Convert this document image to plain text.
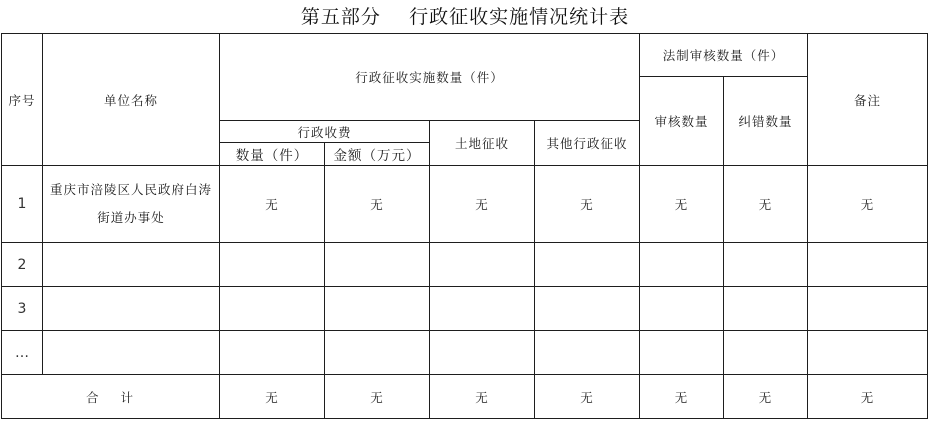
第五部分    行政征收实施情况统计表
序号	单位名称	行政征收实施数量（件）				法制审核数量（件）		备注
						审核数量	纠错数量	
		行政收费		土地征收	其他行政征收			
		数量（件）	金额（万元）					
1	重庆市涪陵区人民政府白涛街道办事处	无	无	无	无	无	无	无
2								
3								
…								
合计		无	无	无	无	无	无	无
